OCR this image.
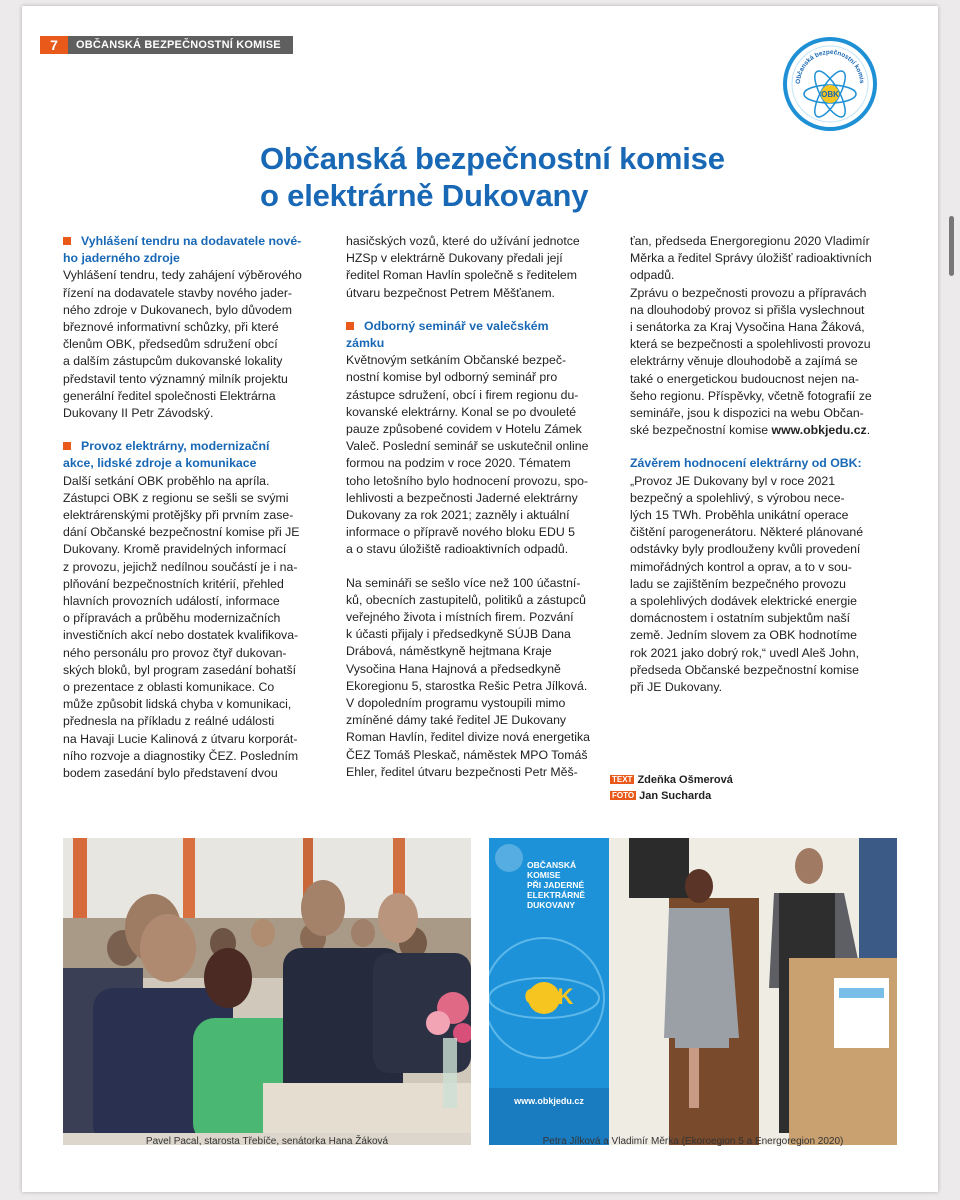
7	OBČANSKÁ BEZPEČNOSTNÍ KOMISE
Občanská bezpečnostní komis
OBK
Občanská bezpečnostní komise
o elektrárně Dukovany

Vyhlášení tendru na dodavatele nové-

ho jaderného zdroje

Vyhlášení tendru, tedy zahájení výběrového

řízení na dodavatele stavby nového jader-

ného zdroje v Dukovanech, bylo důvodem

březnové informativní schůzky, při které

členům OBK, předsedům sdružení obcí

a dalším zástupcům dukovanské lokality

představil tento významný milník projektu

generální ředitel společnosti Elektrárna

Dukovany II Petr Závodský.

Provoz elektrárny, modernizační

akce, lidské zdroje a komunikace

Další setkání OBK proběhlo na apríla.

Zástupci OBK z regionu se sešli se svými

elektrárenskými protějšky při prvním zase-

dání Občanské bezpečnostní komise při JE

Dukovany. Kromě pravidelných informací

z provozu, jejichž nedílnou součástí je i na-

plňování bezpečnostních kritérií, přehled

hlavních provozních událostí, informace

o přípravách a průběhu modernizačních

investičních akcí nebo dostatek kvalifikova-

ného personálu pro provoz čtyř dukovan-

ských bloků, byl program zasedání bohatší

o prezentace z oblasti komunikace. Co

může způsobit lidská chyba v komunikaci,

přednesla na příkladu z reálné události

na Havaji Lucie Kalinová z útvaru korporát-

ního rozvoje a diagnostiky ČEZ. Posledním

bodem zasedání bylo představení dvou

hasičských vozů, které do užívání jednotce

HZSp v elektrárně Dukovany předali její

ředitel Roman Havlín společně s ředitelem

útvaru bezpečnost Petrem Měšťanem.

Odborný seminář ve valečském

zámku

Květnovým setkáním Občanské bezpeč-

nostní komise byl odborný seminář pro

zástupce sdružení, obcí i firem regionu du-

kovanské elektrárny. Konal se po dvouleté

pauze způsobené covidem v Hotelu Zámek

Valeč. Poslední seminář se uskutečnil online

formou na podzim v roce 2020. Tématem

toho letošního bylo hodnocení provozu, spo-

lehlivosti a bezpečnosti Jaderné elektrárny

Dukovany za rok 2021; zazněly i aktuální

informace o přípravě nového bloku EDU 5

a o stavu úložiště radioaktivních odpadů.

Na semináři se sešlo více než 100 účastní-

ků, obecních zastupitelů, politiků a zástupců

veřejného života i místních firem. Pozvání

k účasti přijaly i předsedkyně SÚJB Dana

Drábová, náměstkyně hejtmana Kraje

Vysočina Hana Hajnová a předsedkyně

Ekoregionu 5, starostka Rešic Petra Jílková.

V dopoledním programu vystoupili mimo

zmíněné dámy také ředitel JE Dukovany

Roman Havlín, ředitel divize nová energetika

ČEZ Tomáš Pleskač, náměstek MPO Tomáš

Ehler, ředitel útvaru bezpečnosti Petr Měš-

ťan, předseda Energoregionu 2020 Vladimír

Měrka a ředitel Správy úložišť radioaktivních

odpadů.

Zprávu o bezpečnosti provozu a přípravách

na dlouhodobý provoz si přišla vyslechnout

i senátorka za Kraj Vysočina Hana Žáková,

která se bezpečnosti a spolehlivosti provozu

elektrárny věnuje dlouhodobě a zajímá se

také o energetickou budoucnost nejen na-

šeho regionu. Příspěvky, včetně fotografií ze

semináře, jsou k dispozici na webu Občan-

ské bezpečnostní komise www.obkjedu.cz.

Závěrem hodnocení elektrárny od OBK:

„Provoz JE Dukovany byl v roce 2021

bezpečný a spolehlivý, s výrobou nece-

lých 15 TWh. Proběhla unikátní operace

čištění parogenerátoru. Některé plánované

odstávky byly prodlouženy kvůli provedení

mimořádných kontrol a oprav, a to v sou-

ladu se zajištěním bezpečného provozu

a spolehlivých dodávek elektrické energie

domácnostem i ostatním subjektům naší

země. Jedním slovem za OBK hodnotíme

rok 2021 jako dobrý rok,“ uvedl Aleš John,

předseda Občanské bezpečnostní komise

při JE Dukovany.

TEXT Zdeňka Ošmerová
FOTO Jan Sucharda
Pavel Pacal, starosta Třebíče, senátorka Hana Žáková
OBČANSKÁ KOMISE PŘI JADERNÉ ELEKTRÁRNĚ DUKOVANY
OBK
www.obkjedu.cz
Petra Jílková a Vladimír Měrka (Ekoroegion 5 a Energoregion 2020)
